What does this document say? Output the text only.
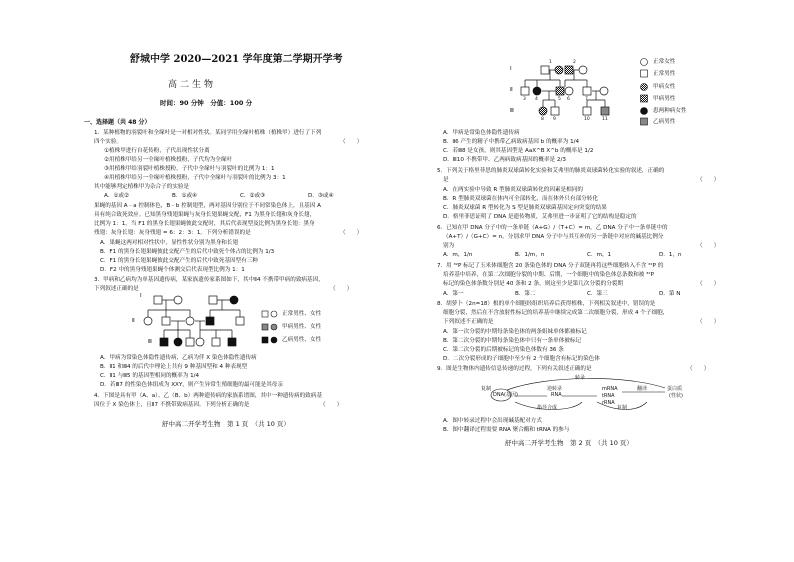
舒城中学 2020—2021 学年度第二学期开学考
高二生物
时间：90 分钟　分值：100 分
一、选择题（共 48 分）
1．某种植物的羽裂叶和全缘叶是一对相对性状。某同学用全缘叶植株（植株甲）进行了下列
四个实验。	（　　）
①植株甲进行自花传粉，子代出现性状分离
②用植株甲给另一全缘叶植株授粉，子代均为全缘叶
③用植株甲给羽裂叶植株授粉，子代中全缘叶与羽裂叶的比例为 1：1
④用植株甲给另一全缘叶植株授粉，子代中全缘叶与羽裂叶的比例为 3：1
其中能够判定植株甲为杂合子的实验是
A．①或②	B．①或④	C．②或③	D．③或④
果蝇的基因 A﹣a 控制体色，B﹣b 控制翅型，两对基因分别位于不同常染色体上，且基因 A
具有纯合致死效应。已知黑身残翅果蝇与灰身长翅果蝇交配，F1 为黑身长翅和灰身长翅，
比例为 1：1。当 F1 的黑身长翅果蝇彼此交配时，其后代表现型及比例为黑身长翅：黑身
残翅：灰身长翅：灰身残翅 = 6：2：3：1。下列分析错误的是	（　　）
A．果蝇这两对相对性状中，显性性状分别为黑身和长翅
B．F1 的黑身长翅果蝇彼此交配产生的后代中致死个体占的比例为 1/3
C．F1 的黑身长翅果蝇彼此交配产生的后代中致死基因型有三种
D．F2 中的黑身残翅果蝇个体测交后代表现型比例为 1：1
3．甲病和乙病均为单基因遗传病，某家族遗传家系图如下，其中Ⅱ4 不携带甲病的致病基因，
下列叙述正确的是	（　　）
Ⅰ
Ⅱ
Ⅲ
正常男性、女性
甲病男性、女性
乙病男性、女性
A．甲病为常染色体隐性遗传病，乙病为伴 X 染色体隐性遗传病
B．Ⅱ1 和Ⅲ4 的后代中理论上共有 9 种基因型和 4 种表现型
C．Ⅱ1 与Ⅲ5 的基因型相同的概率为 1/4
D．若Ⅲ7 的性染色体组成为 XXY，则产生异常生殖细胞的最可能是其母亲
4．下图是具有甲（A、a）、乙（B、b）两种遗传病的家族系谱图，其中一种遗传病的致病基
因位于 X 染色体上，且Ⅱ7 不携带致病基因。下列分析正确的是	（　　）
舒中高二开学考生物　第 1 页　（共 10 页）
Ⅰ
Ⅱ
Ⅲ
1	2
3 4	5 6	7
8 9	10	11
正常女性
正常男性
甲病女性
甲病男性
患两种病女性
乙病男性
A．甲病是常染色体隐性遗传病
B．Ⅱ6 产生的精子中携带乙病致病基因 b 的概率为 1/4
C．若Ⅲ8 是女孩，则其基因型是 AaX^B X^b 的概率是 1/2
D．Ⅲ10 不携带甲、乙两病致病基因的概率是 2/3
5．下列关于格里菲思的肺炎双球菌转化实验和艾弗里的肺炎双球菌转化实验的叙述，正确的
是	（　　）
A．在两实验中导致 R 型肺炎双球菌转化的因素是相同的
B．R 型肺炎双球菌在体内可全部转化，而在体外只有部分转化
C．肺炎双球菌 R 型转化为 S 型是肺炎双球菌基因定向突变的结果
D．格里菲思证明了 DNA 是遗传物质，艾弗里进一步证明了它的结构是稳定的
6．已知在甲 DNA 分子中的一条单链（A+G）/（T+C）= m，乙 DNA 分子中一条单链中的
（A+T）/（G+C）= n，分别求甲 DNA 分子中与其互补的另一条链中对应的碱基比例分
别为	（　　）
A．m，1/n	B．1/m，n	C．m，1	D．1，n
7．用 ³²P 标记了玉米体细胞含 20 条染色体的 DNA 分子双链再将这些细胞转入不含 ³²P 的
培养基中培养，在第二次细胞分裂的中期、后期，一个细胞中的染色体总条数和被 ³²P
标记的染色体条数分别是 40 条和 2 条，则这至少是第几次分裂的分裂期	（　　）
A．第一	B．第二	C．第三	D．第 N
8．胡萝卜（2n=18）根的单个细胞经组织培养后获得植株，下列相关叙述中，错误的是
细胞分裂，然后在不含放射性标记的培养基中继续完成第二次细胞分裂，形成 4 个子细胞，
下列叙述不正确的是	（　　）
A．第一次分裂的中期每条染色体的两条姐妹单体都被标记
B．第二次分裂的中期每条染色体中只有一条单体被标记
C．第二次分裂的后期被标记的染色体数有 36 条
D．二次分裂形成的子细胞中至少有 2 个细胞含有标记的染色体
9．图是生物体内遗传信息传递的过程，下列有关叙述正确的是	（　　）
复制
DNA(基因)
转录
逆转录
RNA
翻译	蛋白质
(性状)
mRNA
tRNA
rRNA
复制
指导合成
A．图中转录过程中会出现碱基配对方式
B．图中翻译过程需要 RNA 聚合酶和 tRNA 的参与
舒中高二开学考生物　第 2 页　（共 10 页）
